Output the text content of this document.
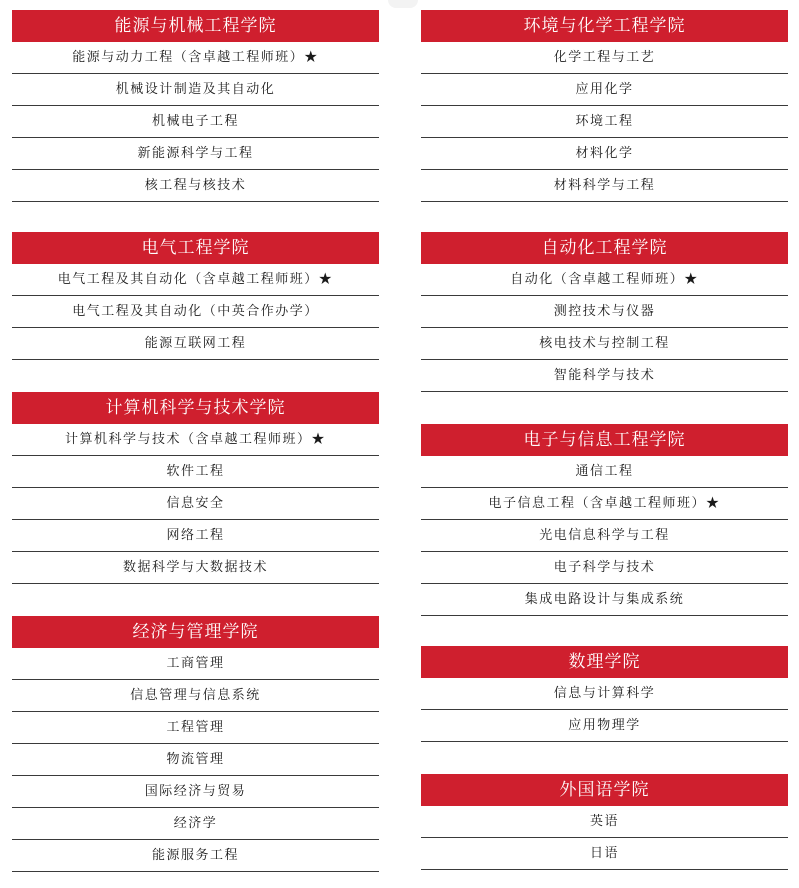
能源与机械工程学院
能源与动力工程（含卓越工程师班）★
机械设计制造及其自动化
机械电子工程
新能源科学与工程
核工程与核技术
电气工程学院
电气工程及其自动化（含卓越工程师班）★
电气工程及其自动化（中英合作办学）
能源互联网工程
计算机科学与技术学院
计算机科学与技术（含卓越工程师班）★
软件工程
信息安全
网络工程
数据科学与大数据技术
经济与管理学院
工商管理
信息管理与信息系统
工程管理
物流管理
国际经济与贸易
经济学
能源服务工程
环境与化学工程学院
化学工程与工艺
应用化学
环境工程
材料化学
材料科学与工程
自动化工程学院
自动化（含卓越工程师班）★
测控技术与仪器
核电技术与控制工程
智能科学与技术
电子与信息工程学院
通信工程
电子信息工程（含卓越工程师班）★
光电信息科学与工程
电子科学与技术
集成电路设计与集成系统
数理学院
信息与计算科学
应用物理学
外国语学院
英语
日语
